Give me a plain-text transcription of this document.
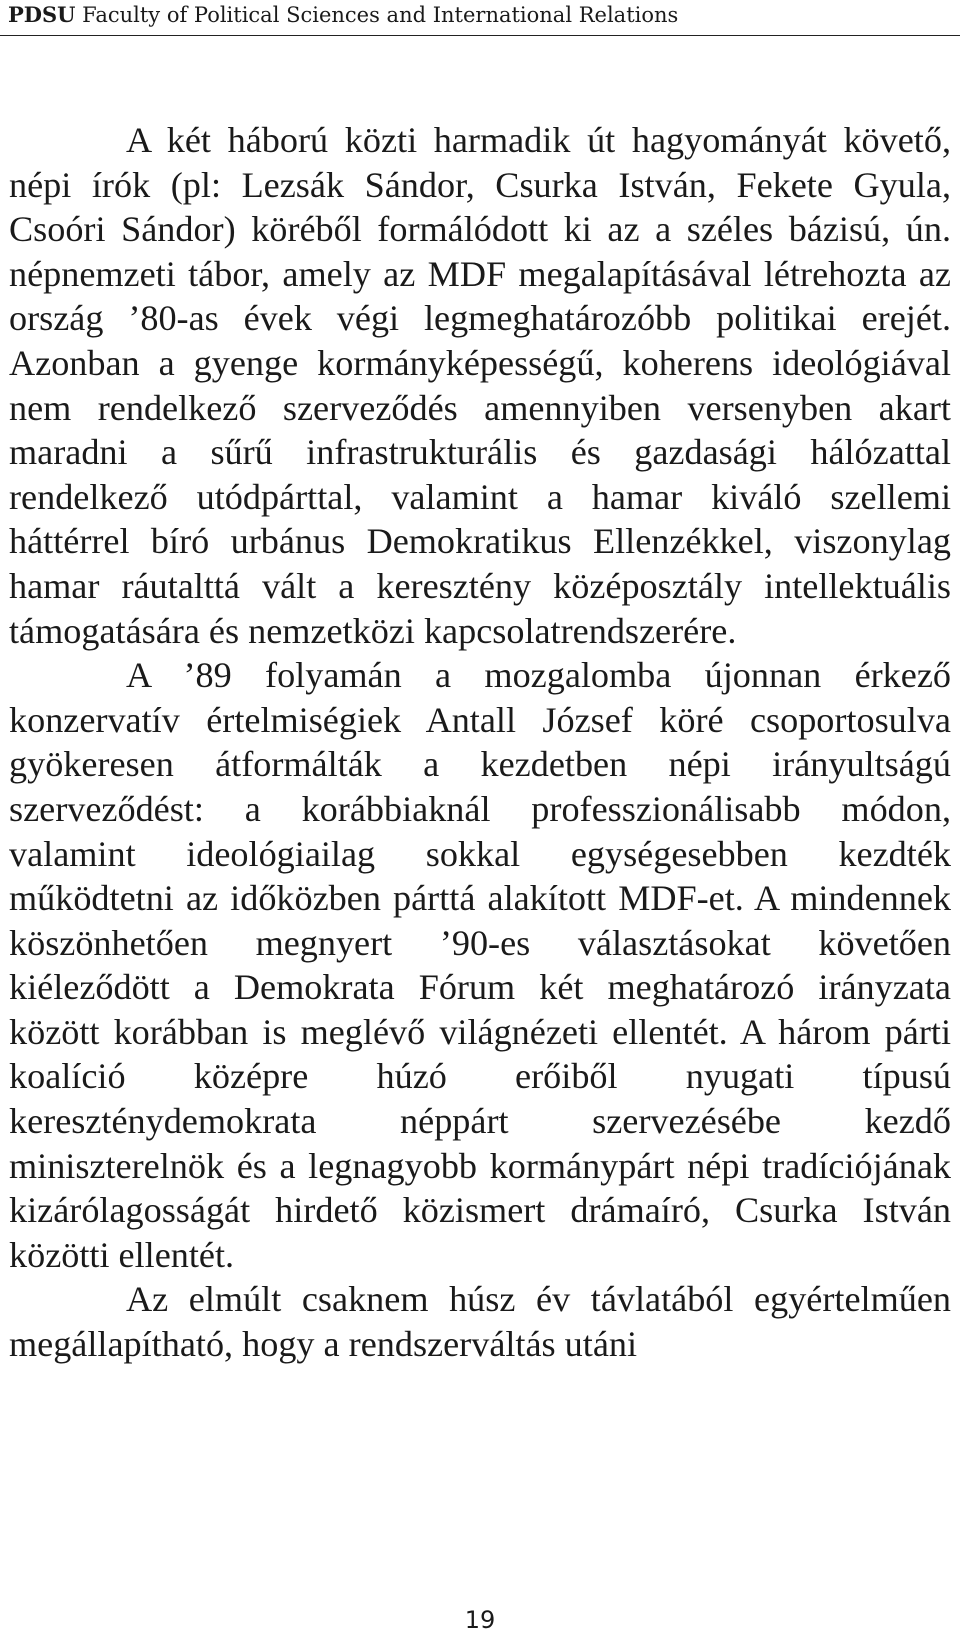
PDSU Faculty of Political Sciences and International Relations

A két háború közti harmadik út hagyományát követő, népi írók (pl: Lezsák Sándor, Csurka István, Fekete Gyula, Csoóri Sándor) köréből formálódott ki az a széles bázisú, ún. népnemzeti tábor, amely az MDF megalapításával létrehozta az ország ’80-as évek végi legmeghatározóbb politikai erejét. Azonban a gyenge kormányképességű, koherens ideológiával nem rendelkező szerveződés amennyiben versenyben akart maradni a sűrű infrastrukturális és gazdasági hálózattal rendelkező utódpárttal, valamint a hamar kiváló szellemi háttérrel bíró urbánus Demokratikus Ellenzékkel, viszonylag hamar ráutalttá vált a keresztény középosztály intellektuális támogatására és nemzetközi kapcsolatrendszerére.

A ’89 folyamán a mozgalomba újonnan érkező konzervatív értelmiségiek Antall József köré csoportosulva gyökeresen átformálták a kezdetben népi irányultságú szerveződést: a korábbiaknál professzionálisabb módon, valamint ideológiailag sokkal egységesebben kezdték működtetni az időközben párttá alakított MDF-et. A mindennek köszönhetően megnyert ’90-es választásokat követően kiéleződött a Demokrata Fórum két meghatározó irányzata között korábban is meglévő világnézeti ellentét. A három párti koalíció középre húzó erőiből nyugati típusú kereszténydemokrata néppárt szervezésébe kezdő miniszterelnök és a legnagyobb kormánypárt népi tradíciójának kizárólagosságát hirdető közismert drámaíró, Csurka István közötti ellentét.

Az elmúlt csaknem húsz év távlatából egyértelműen megállapítható, hogy a rendszerváltás utáni

19
